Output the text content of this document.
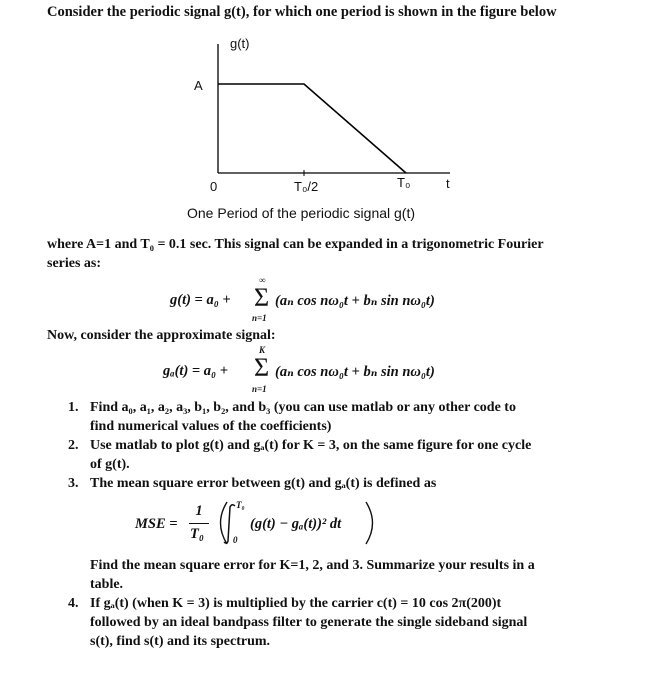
Consider the periodic signal g(t), for which one period is shown in the figure below
g(t)
A
0	T₀/2	T₀	t
One Period of the periodic signal g(t)
where A=1 and T₀ = 0.1 sec. This signal can be expanded in a trigonometric Fourier
series as:
g(t) = a₀ +
∞
Σ
n=1
(aₙ cos nω₀t + bₙ sin nω₀t)
Now, consider the approximate signal:
gₐ(t) = a₀ +
K
Σ
n=1
(aₙ cos nω₀t + bₙ sin nω₀t)
1. Find a₀, a₁, a₂, a₃, b₁, b₂, and b₃ (you can use matlab or any other code to
find numerical values of the coefficients)
2. Use matlab to plot g(t) and gₐ(t) for K = 3, on the same figure for one cycle
of g(t).
3. The mean square error between g(t) and gₐ(t) is defined as
MSE =
1
T₀
T₀
0
(g(t) − gₐ(t))² dt
Find the mean square error for K=1, 2, and 3. Summarize your results in a
table.
4. If gₐ(t) (when K = 3) is multiplied by the carrier c(t) = 10 cos 2π(200)t
followed by an ideal bandpass filter to generate the single sideband signal
s(t), find s(t) and its spectrum.
